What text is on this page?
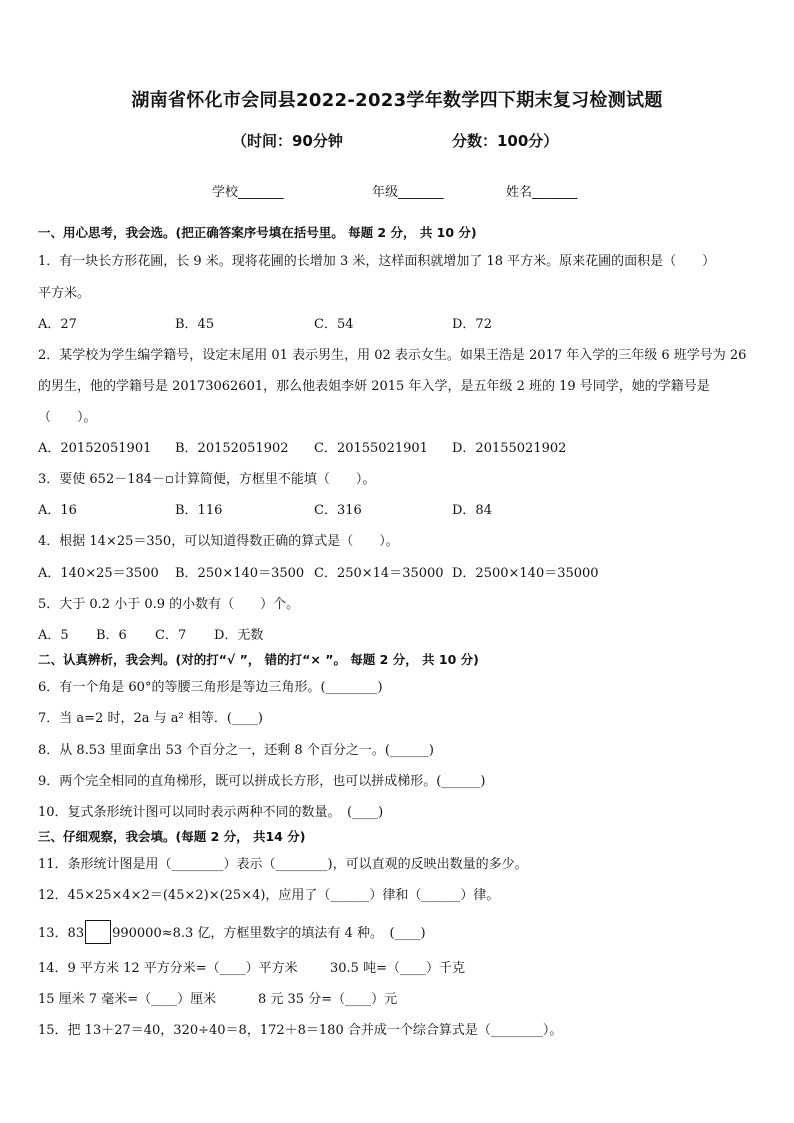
湖南省怀化市会同县2022-2023学年数学四下期末复习检测试题
（时间：90分钟	分数：100分）
学校_______	年级_______	姓名_______
一、用心思考，我会选。(把正确答案序号填在括号里。 每题 2 分， 共 10 分)
1．有一块长方形花圃，长 9 米。现将花圃的长增加 3 米，这样面积就增加了 18 平方米。原来花圃的面积是（　　）
平方米。
A．27	B．45	C．54	D．72
2．某学校为学生编学籍号，设定末尾用 01 表示男生，用 02 表示女生。如果王浩是 2017 年入学的三年级 6 班学号为 26
的男生，他的学籍号是 20173062601，那么他表姐李妍 2015 年入学，是五年级 2 班的 19 号同学，她的学籍号是
（　　）。
A．20152051901 B．20152051902 C．20155021901 D．20155021902
3．要使 652－184－▫计算简便，方框里不能填（　　）。
A．16	B．116	C．316	D．84
4．根据 14×25＝350，可以知道得数正确的算式是（　　）。
A．140×25＝3500 B．250×140＝3500 C．250×14＝35000 D．2500×140＝35000
5．大于 0.2 小于 0.9 的小数有（　　）个。
A．5 B．6 C．7 D．无数
二、认真辨析，我会判。(对的打“√ ”， 错的打“× ”。 每题 2 分， 共 10 分)
6．有一个角是 60°的等腰三角形是等边三角形。(________)
7．当 a=2 时，2a 与 a² 相等．(____)
8．从 8.53 里面拿出 53 个百分之一，还剩 8 个百分之一。(______)
9．两个完全相同的直角梯形，既可以拼成长方形，也可以拼成梯形。(______)
10．复式条形统计图可以同时表示两种不同的数量。　(____)
三、仔细观察，我会填。(每题 2 分， 共14 分)
11．条形统计图是用（________）表示（________)，可以直观的反映出数量的多少。
12．45×25×4×2＝(45×2)×(25×4)，应用了（______）律和（______）律。
13．83 990000≈8.3 亿，方框里数字的填法有 4 种。　(____)
14．9 平方米 12 平方分米=（____）平方米 30.5 吨=（____）千克
15 厘米 7 毫米=（____）厘米	8 元 35 分=（____）元
15．把 13＋27＝40，320÷40＝8，172＋8＝180 合并成一个综合算式是（________）。
